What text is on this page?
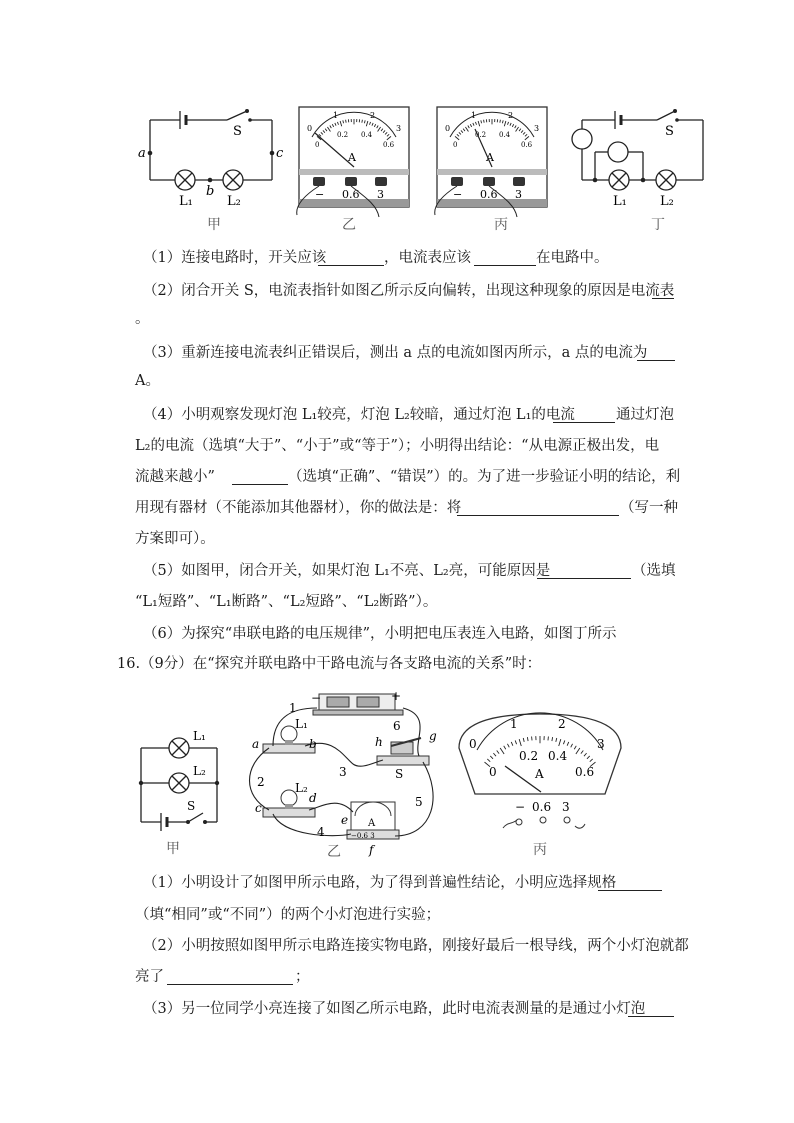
a	c
b
S
L₁	L₂
甲
0
1	2
3
0
0.2 0.4
0.6
A
− 0.6 3
乙
0
1	2
3
0
0.2 0.4
0.6
A
− 0.6 3
丙
S
L₁	L₂
丁
（1）连接电路时，开关应该	，电流表应该	在电路中。
（2）闭合开关 S，电流表指针如图乙所示反向偏转，出现这种现象的原因是电流表
。
（3）重新连接电流表纠正错误后，测出 a 点的电流如图丙所示，a 点的电流为
A。
（4）小明观察发现灯泡 L₁较亮，灯泡 L₂较暗，通过灯泡 L₁的电流	通过灯泡
L₂的电流（选填“大于”、“小于”或“等于”）；小明得出结论：“从电源正极出发，电
流越来越小”	（选填“正确”、“错误”）的。为了进一步验证小明的结论，利
用现有器材（不能添加其他器材），你的做法是：将	（写一种
方案即可）。
（5）如图甲，闭合开关，如果灯泡 L₁不亮、L₂亮，可能原因是	（选填
“L₁短路”、“L₁断路”、“L₂短路”、“L₂断路”）。
（6）为探究“串联电路的电压规律”，小明把电压表连入电路，如图丁所示
16.（9分）在“探究并联电路中干路电流与各支路电流的关系”时：
L₁
L₂
S
甲
−	+
1
2
3
4
5
6
a	b
c
d
e
f
g
h
L₁
L₂
S
A
−0.6 3
乙
0
1	2
3
0
0.2 0.4
0.6
A
− 0.6 3
丙
（1）小明设计了如图甲所示电路，为了得到普遍性结论，小明应选择规格
（填“相同”或“不同”）的两个小灯泡进行实验；
（2）小明按照如图甲所示电路连接实物电路，刚接好最后一根导线，两个小灯泡就都
亮了	；
（3）另一位同学小亮连接了如图乙所示电路，此时电流表测量的是通过小灯泡
